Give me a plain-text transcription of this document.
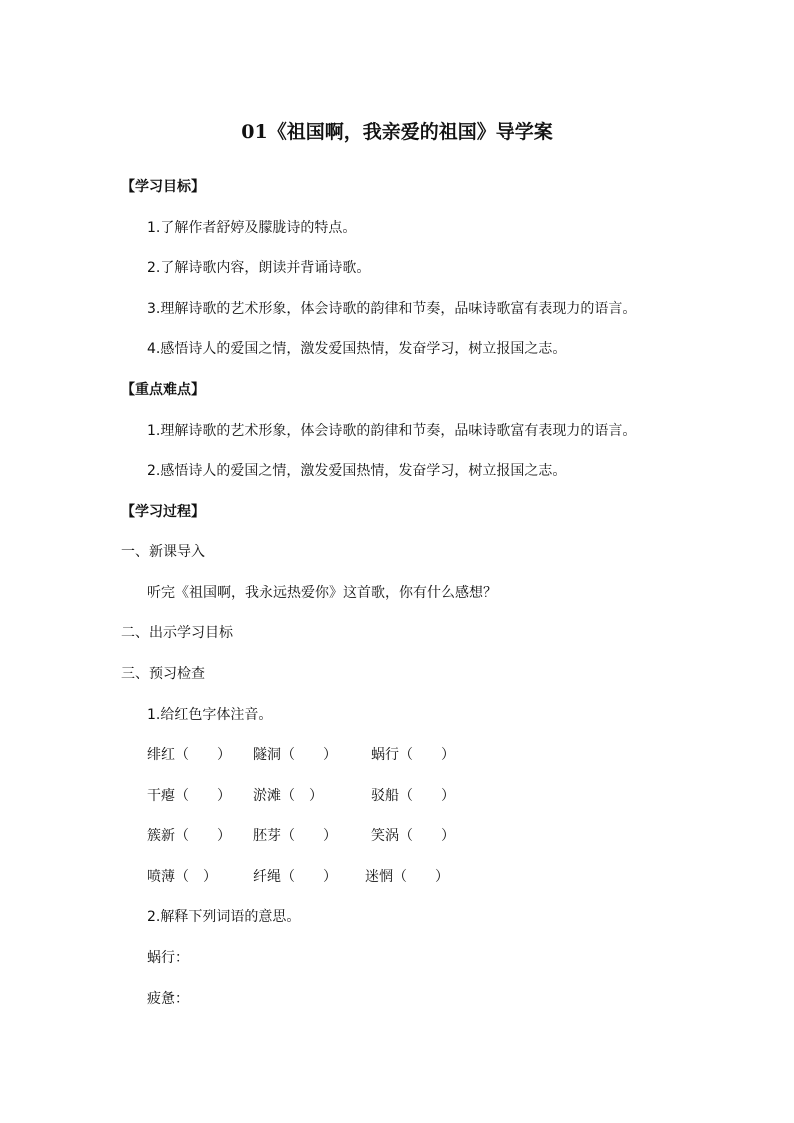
01《祖国啊，我亲爱的祖国》导学案
【学习目标】
1.了解作者舒婷及朦胧诗的特点。
2.了解诗歌内容，朗读并背诵诗歌。
3.理解诗歌的艺术形象，体会诗歌的韵律和节奏，品味诗歌富有表现力的语言。
4.感悟诗人的爱国之情，激发爱国热情，发奋学习，树立报国之志。
【重点难点】
1.理解诗歌的艺术形象，体会诗歌的韵律和节奏，品味诗歌富有表现力的语言。
2.感悟诗人的爱国之情，激发爱国热情，发奋学习，树立报国之志。
【学习过程】
一、新课导入
听完《祖国啊，我永远热爱你》这首歌，你有什么感想？
二、出示学习目标
三、预习检查
1.给红色字体注音。
绯红（　　） 隧洞（　　） 蜗行（　　）
干瘪（　　） 淤滩（　）	驳船（　　）
簇新（　　） 胚芽（　　） 笑涡（　　）
喷薄（　）	纤绳（　　） 迷惘（　　）
2.解释下列词语的意思。
蜗行：
疲惫：
